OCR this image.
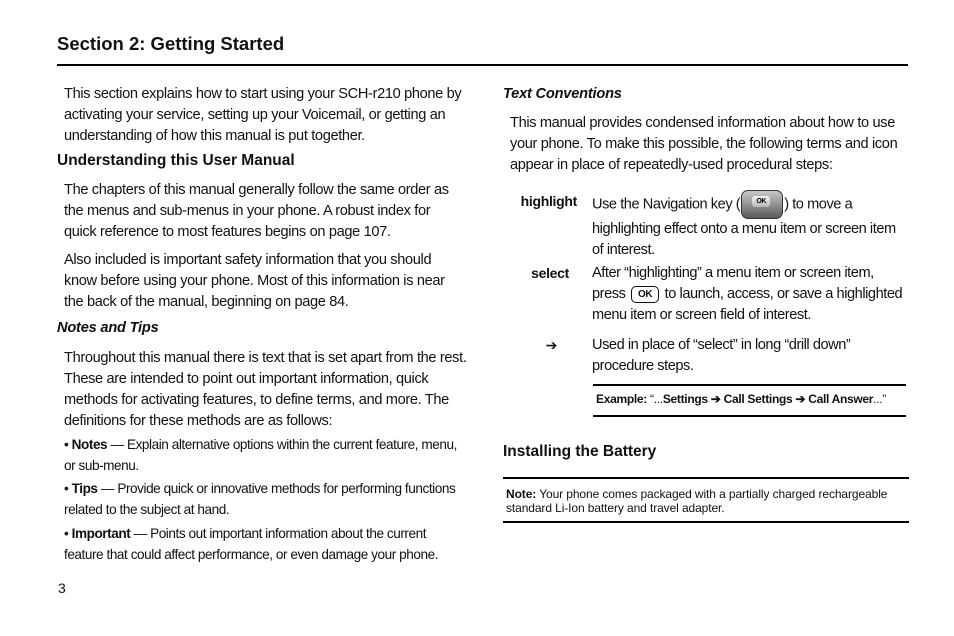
Section 2: Getting Started

This section explains how to start using your SCH-r210 phone by activating your service, setting up your Voicemail, or getting an understanding of how this manual is put together.

Understanding this User Manual

The chapters of this manual generally follow the same order as the menus and sub-menus in your phone. A robust index for quick reference to most features begins on page 107.

Also included is important safety information that you should know before using your phone. Most of this information is near the back of the manual, beginning on page 84.

Notes and Tips

Throughout this manual there is text that is set apart from the rest. These are intended to point out important information, quick methods for activating features, to define terms, and more. The definitions for these methods are as follows:

• Notes — Explain alternative options within the current feature, menu, or sub-menu.

• Tips — Provide quick or innovative methods for performing functions related to the subject at hand.

• Important — Points out important information about the current feature that could affect performance, or even damage your phone.

Text Conventions

This manual provides condensed information about how to use your phone. To make this possible, the following terms and icon appear in place of repeatedly-used procedural steps:

highlight Use the Navigation key (	OK ) to move a highlighting effect onto a menu item or screen item of interest.

select After “highlighting” a menu item or screen item, press OK to launch, access, or save a highlighted menu item or screen field of interest.

➔ Used in place of “select” in long “drill down” procedure steps.

Example: “...Settings ➔ Call Settings ➔ Call Answer...”
Installing the Battery
Note: Your phone comes packaged with a partially charged rechargeable standard Li-Ion battery and travel adapter.
3
